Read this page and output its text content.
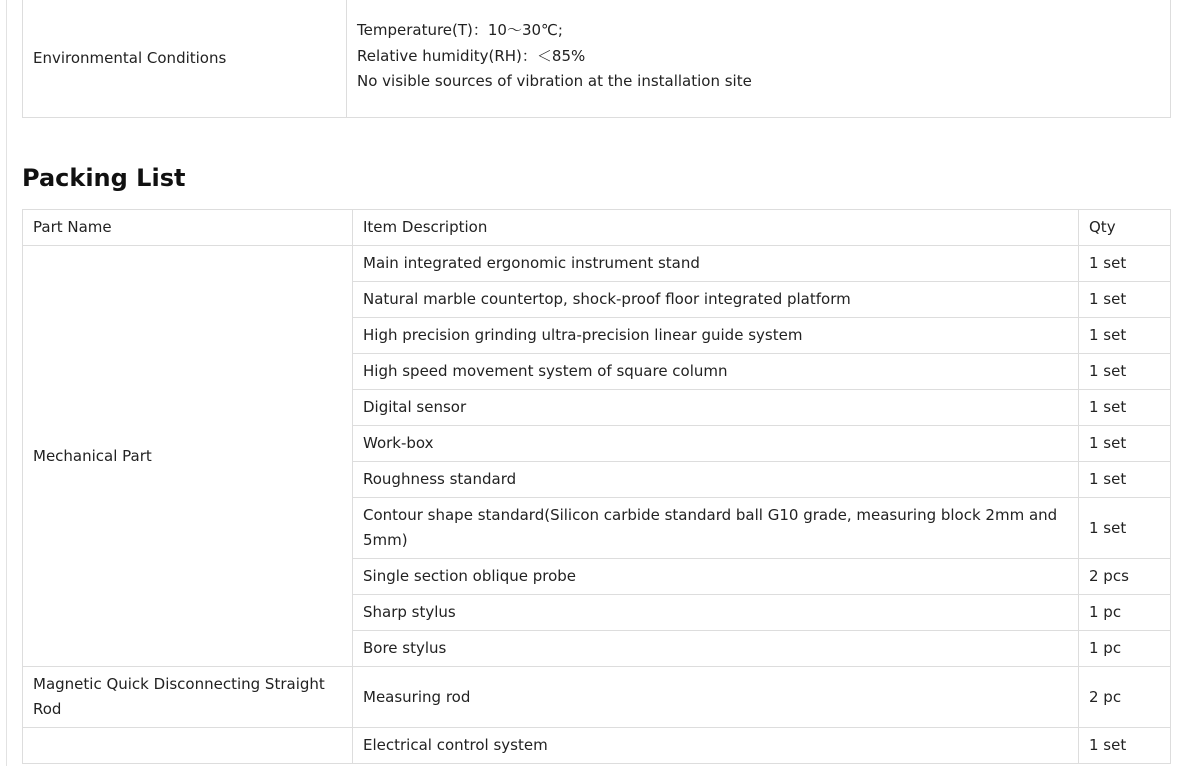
Environmental Conditions	
Temperature(T)：10～30℃;
Relative humidity(RH)：＜85%
No visible sources of vibration at the installation site
Packing List
Part Name	Item Description	Qty
Mechanical Part	Main integrated ergonomic instrument stand	1 set
	Natural marble countertop, shock-proof floor integrated platform	1 set
	High precision grinding ultra-precision linear guide system	1 set
	High speed movement system of square column	1 set
	Digital sensor	1 set
	Work-box	1 set
	Roughness standard	1 set
	Contour shape standard(Silicon carbide standard ball G10 grade, measuring block 2mm and 5mm)	1 set
	Single section oblique probe	2 pcs
	Sharp stylus	1 pc
	Bore stylus	1 pc
Magnetic Quick Disconnecting Straight Rod	Measuring rod	2 pc
	Electrical control system	1 set
